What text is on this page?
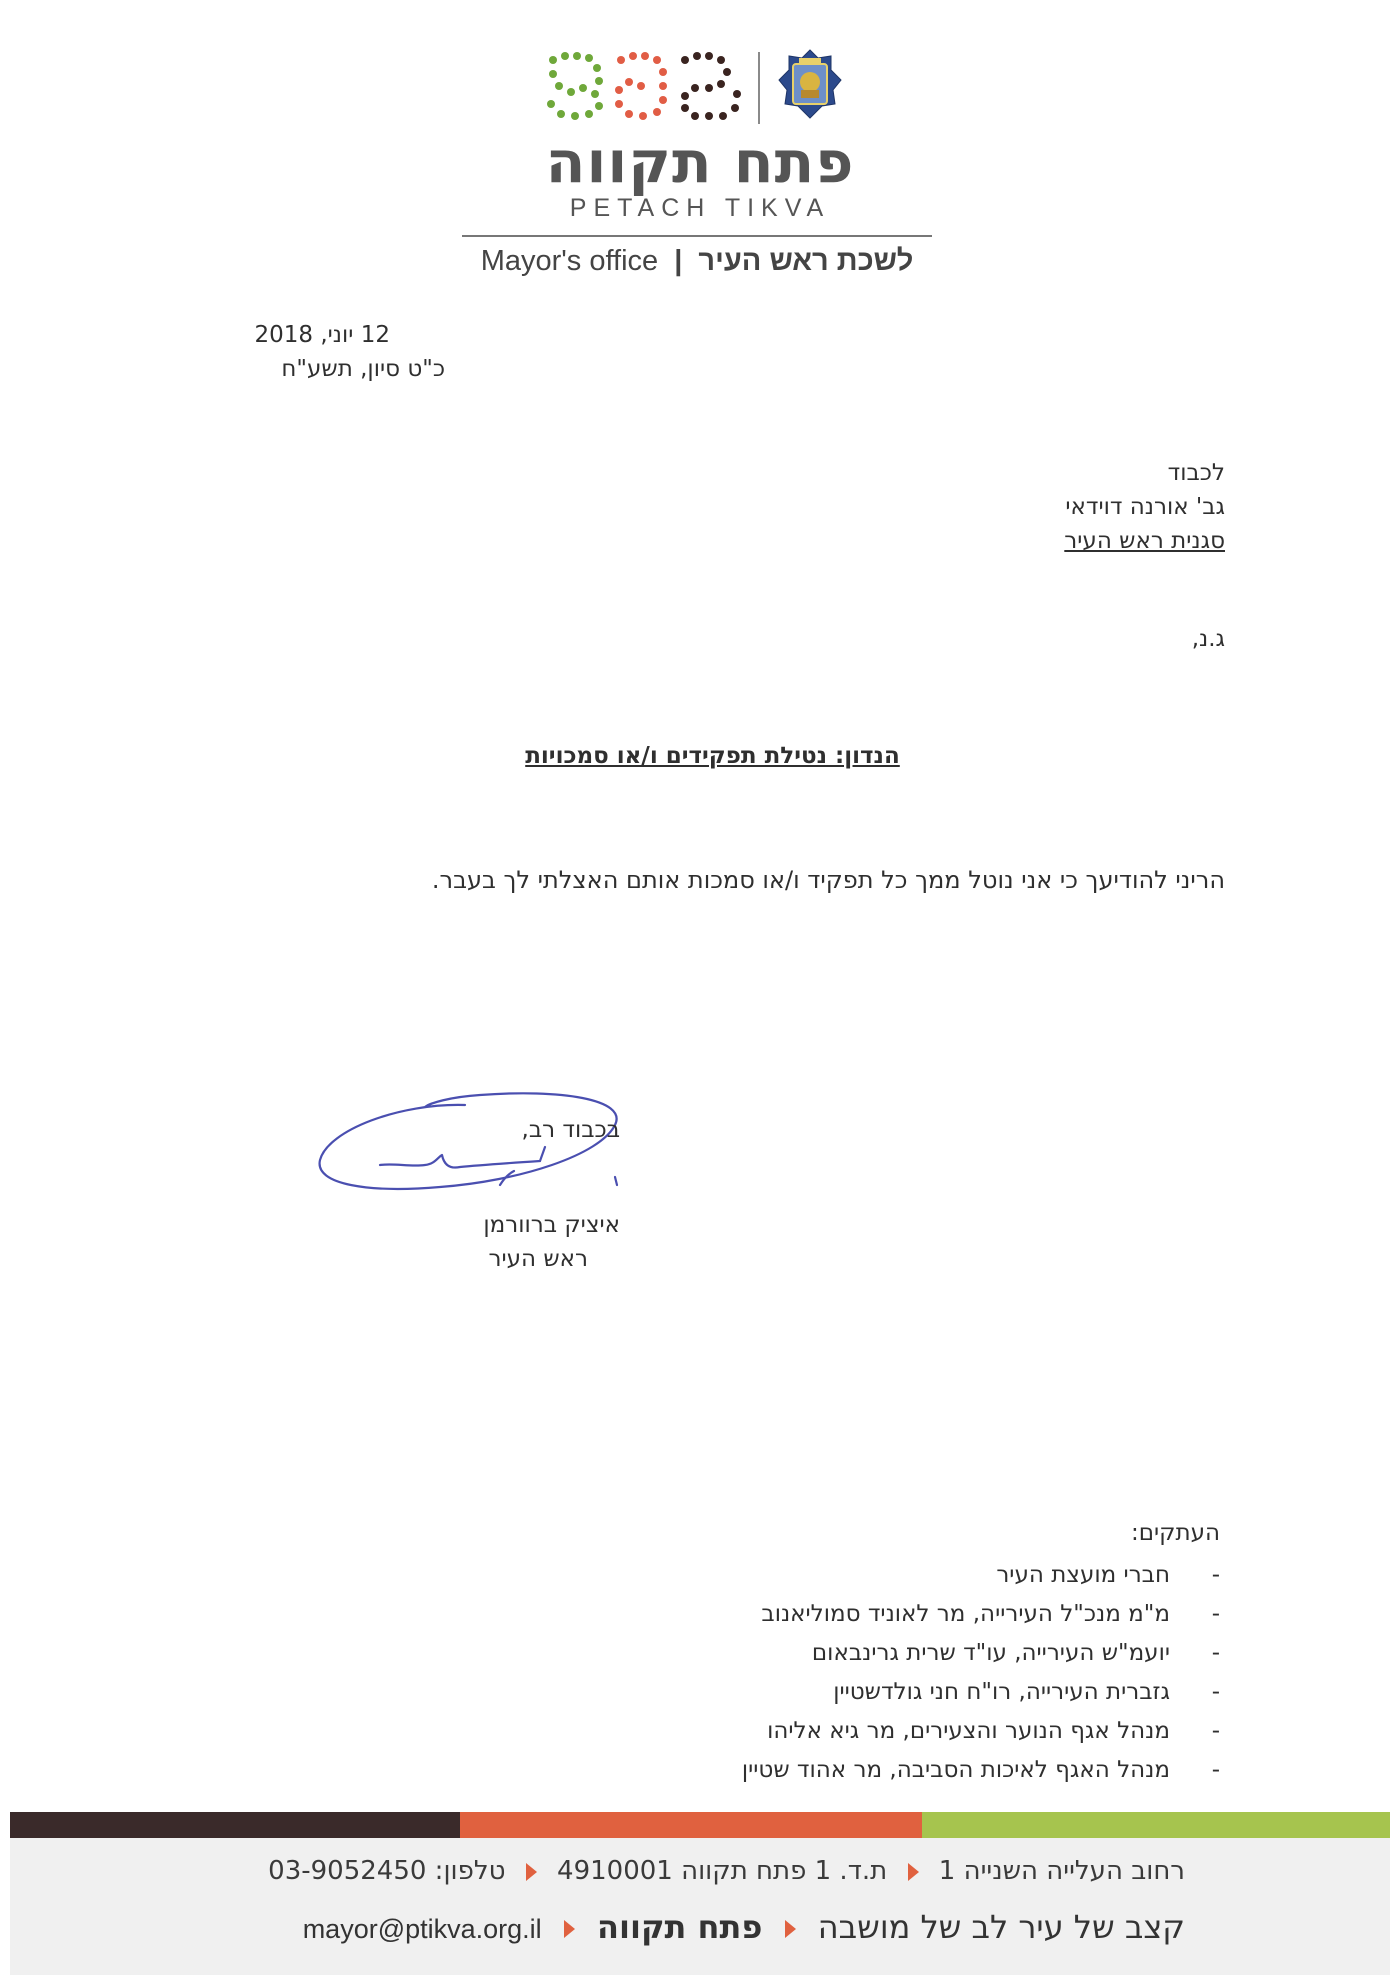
פתח תקווה
PETACH TIKVA
Mayor's office | לשכת ראש העיר
12 יוני, 2018
כ"ט סיון, תשע"ח
לכבוד
גב' אורנה דוידאי
סגנית ראש העיר
ג.נ,
הנדון: נטילת תפקידים ו/או סמכויות
הריני להודיעך כי אני נוטל ממך כל תפקיד ו/או סמכות אותם האצלתי לך בעבר.
בכבוד רב,
איציק ברוורמן
ראש העיר
העתקים:
-
חברי מועצת העיר
-
מ"מ מנכ"ל העירייה, מר לאוניד סמוליאנוב
-
יועמ"ש העירייה, עו"ד שרית גרינבאום
-
גזברית העירייה, רו"ח חני גולדשטיין
-
מנהל אגף הנוער והצעירים, מר גיא אליהו
-
מנהל האגף לאיכות הסביבה, מר אהוד שטיין
רחוב העלייה השנייה 1  ת.ד. 1 פתח תקווה 4910001  טלפון: 03-9052450
קצב של עיר לב של מושבה  פתח תקווה  mayor@ptikva.org.il
